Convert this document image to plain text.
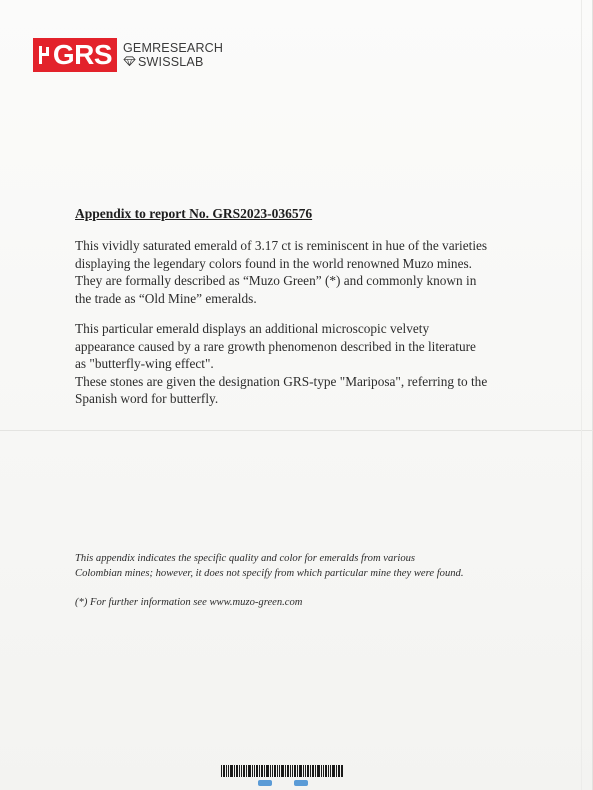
GRS GEMRESEARCH
SWISSLAB
Appendix to report No. GRS2023-036576

This vividly saturated emerald of 3.17 ct is reminiscent in hue of the varieties
displaying the legendary colors found in the world renowned Muzo mines.
They are formally described as “Muzo Green” (*) and commonly known in
the trade as “Old Mine” emeralds.

This particular emerald displays an additional microscopic velvety
appearance caused by a rare growth phenomenon described in the literature
as "butterfly-wing effect".
These stones are given the designation GRS-type "Mariposa", referring to the
Spanish word for butterfly.

This appendix indicates the specific quality and color for emeralds from various
Colombian mines; however, it does not specify from which particular mine they were found.

(*) For further information see www.muzo-green.com
